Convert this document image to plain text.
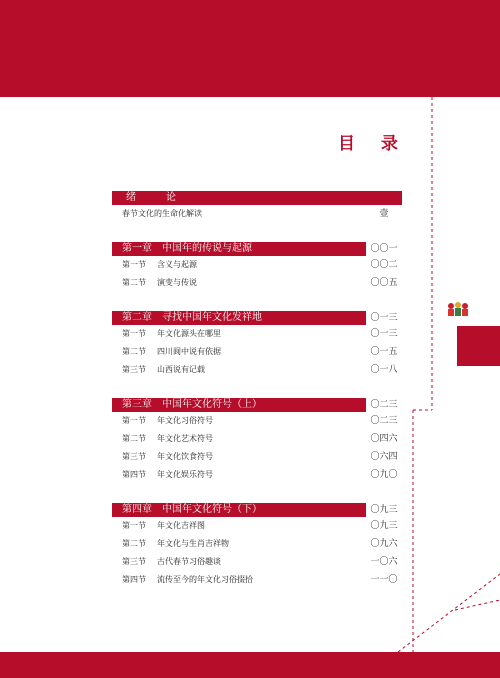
目 录
绪　论
春节文化的生命化解读	壹
第一章　中国年的传说与起源	〇〇一
第一节 含义与起源	〇〇二
第二节 演变与传说	〇〇五
第二章　寻找中国年文化发祥地	〇一三
第一节 年文化源头在哪里	〇一三
第二节 四川阆中说有依据	〇一五
第三节 山西说有记载	〇一八
第三章　中国年文化符号（上）	〇二三
第一节 年文化习俗符号	〇二三
第二节 年文化艺术符号	〇四六
第三节 年文化饮食符号	〇六四
第四节 年文化娱乐符号	〇九〇
第四章　中国年文化符号（下）	〇九三
第一节 年文化吉祥图	〇九三
第二节 年文化与生肖吉祥物	〇九六
第三节 古代春节习俗趣谈	一〇六
第四节 流传至今的年文化习俗掇拾	一一〇
